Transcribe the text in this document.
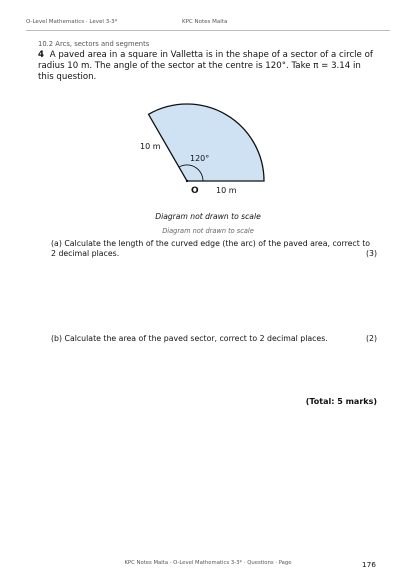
O-Level Mathematics · Level 3-3*	KPC Notes Malta
10.2 Arcs, sectors and segments
4 A paved area in a square in Valletta is in the shape of a sector of a circle of radius 10 m. The angle of the sector at the centre is 120°. Take π = 3.14 in this question.
10 m
120°
O 10 m
Diagram not drawn to scale
Diagram not drawn to scale
(a) Calculate the length of the curved edge (the arc) of the paved area, correct to 2 decimal places.	(3)
(b) Calculate the area of the paved sector, correct to 2 decimal places.	(2)
(Total: 5 marks)
KPC Notes Malta · O-Level Mathematics 3-3* · Questions · Page	176
